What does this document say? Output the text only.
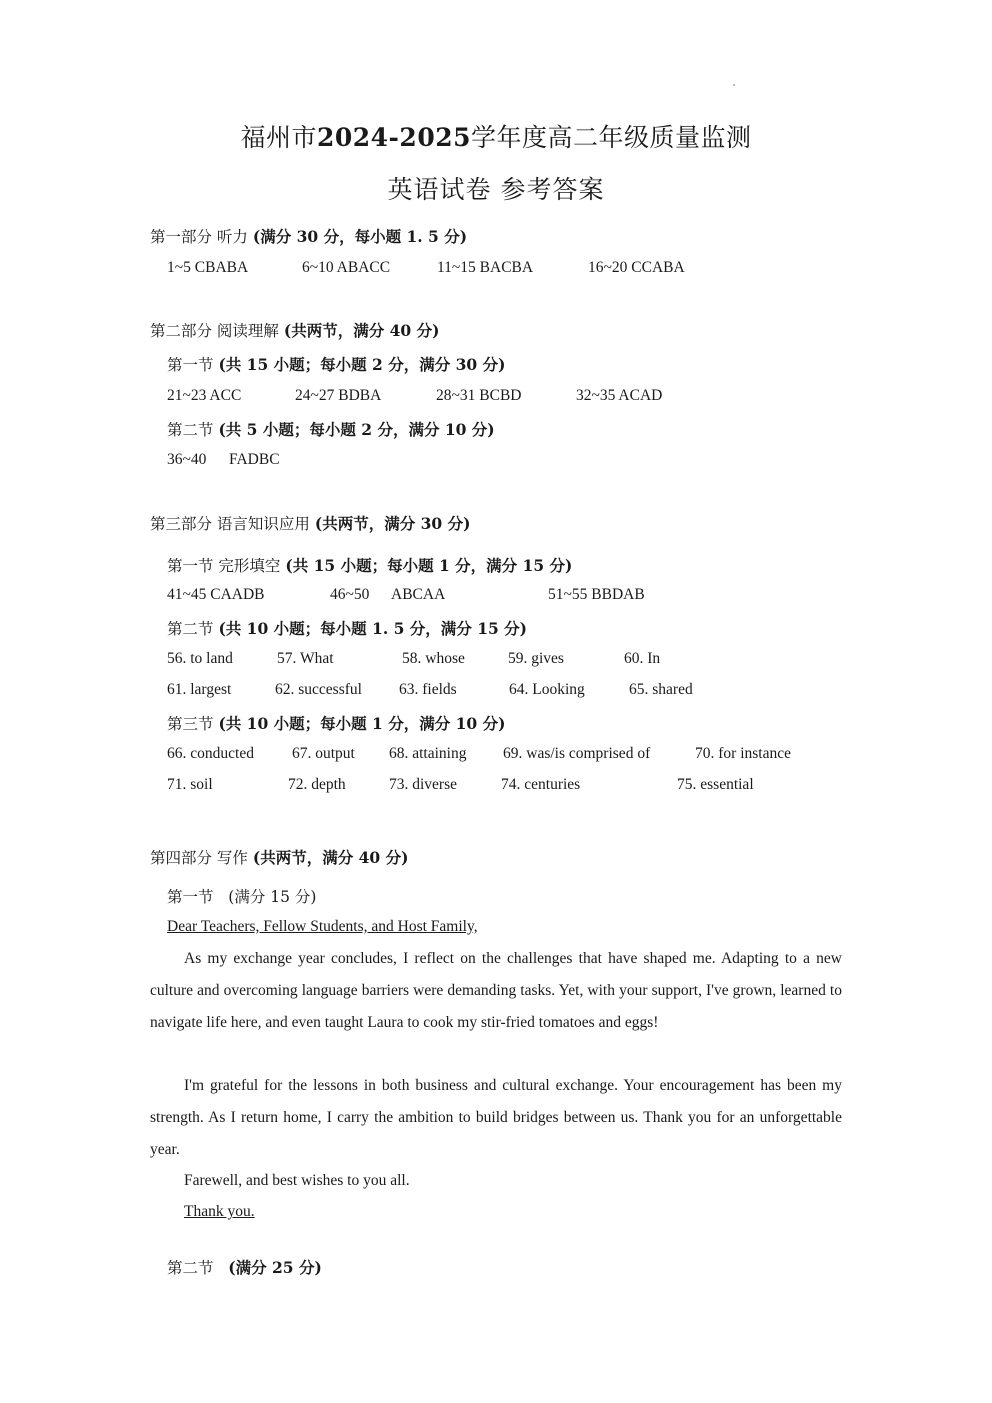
福州市2024-2025学年度高二年级质量监测
英语试卷 参考答案
第一部分 听力 (满分 30 分，每小题 1. 5 分)
1~5 CBABA	6~10 ABACC	11~15 BACBA	16~20 CCABA
第二部分 阅读理解 (共两节，满分 40 分)
第一节 (共 15 小题；每小题 2 分，满分 30 分)
21~23 ACC	24~27 BDBA	28~31 BCBD	32~35 ACAD
第二节 (共 5 小题；每小题 2 分，满分 10 分)
36~40 FADBC
第三部分 语言知识应用 (共两节，满分 30 分)
第一节 完形填空 (共 15 小题；每小题 1 分，满分 15 分)
41~45 CAADB	46~50 ABCAA	51~55 BBDAB
第二节 (共 10 小题；每小题 1. 5 分，满分 15 分)
56. to land	57. What	58. whose	59. gives	60. In
61. largest	62. successful 63. fields	64. Looking	65. shared
第三节 (共 10 小题；每小题 1 分，满分 10 分)
66. conducted 67. output 68. attaining 69. was/is comprised of	70. for instance
71. soil	72. depth	73. diverse	74. centuries	75. essential
第四部分 写作 (共两节，满分 40 分)
第一节 (满分 15 分)
Dear Teachers, Fellow Students, and Host Family,
As my exchange year concludes, I reflect on the challenges that have shaped me. Adapting to a new culture and overcoming language barriers were demanding tasks. Yet, with your support, I've grown, learned to navigate life here, and even taught Laura to cook my stir-fried tomatoes and eggs!
I'm grateful for the lessons in both business and cultural exchange. Your encouragement has been my strength. As I return home, I carry the ambition to build bridges between us. Thank you for an unforgettable year.
Farewell, and best wishes to you all.
Thank you.
第二节 (满分 25 分)
